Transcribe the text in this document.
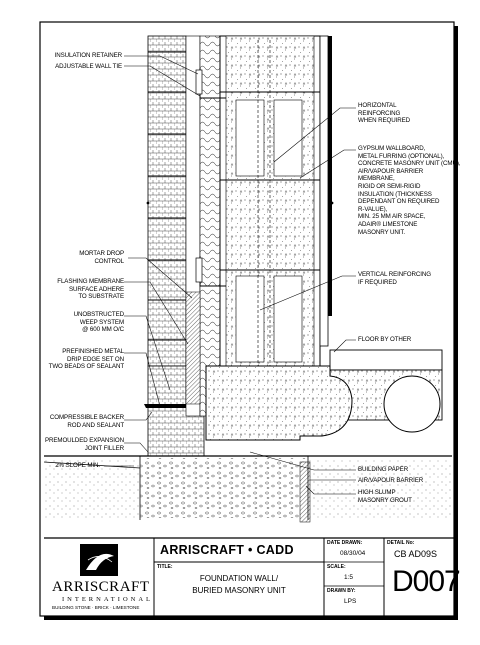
INSULATION RETAINER
ADJUSTABLE WALL TIE
MORTAR DROP
CONTROL
FLASHING MEMBRANE
SURFACE ADHERE
TO SUBSTRATE
UNOBSTRUCTED
WEEP SYSTEM
@ 600 MM O/C
PREFINISHED METAL
DRIP EDGE SET ON
TWO BEADS OF SEALANT
COMPRESSIBLE BACKER
ROD AND SEALANT
PREMOULDED EXPANSION
JOINT FILLER
2% SLOPE MIN.
HORIZONTAL
REINFORCING
WHEN REQUIRED
GYPSUM WALLBOARD,
METAL FURRING (OPTIONAL),
CONCRETE MASONRY UNIT (CMU),
AIR/VAPOUR BARRIER
MEMBRANE,
RIGID OR SEMI-RIGID
INSULATION (THICKNESS
DEPENDANT ON REQUIRED
R-VALUE),
MIN. 25 MM AIR SPACE,
ADAIR® LIMESTONE
MASONRY UNIT.
VERTICAL REINFORCING
IF REQUIRED
FLOOR BY OTHER
BUILDING PAPER
AIR/VAPOUR BARRIER
HIGH SLUMP
MASONRY GROUT
ARRISCRAFT
INTERNATIONAL
BUILDING STONE · BRICK · LIMESTONE
ARRISCRAFT • CADD
TITLE:
FOUNDATION WALL/
BURIED MASONRY UNIT
DATE DRAWN:
08/30/04
SCALE:
1:5
DRAWN BY:
LPS
DETAIL No:
CB AD09S
D007
